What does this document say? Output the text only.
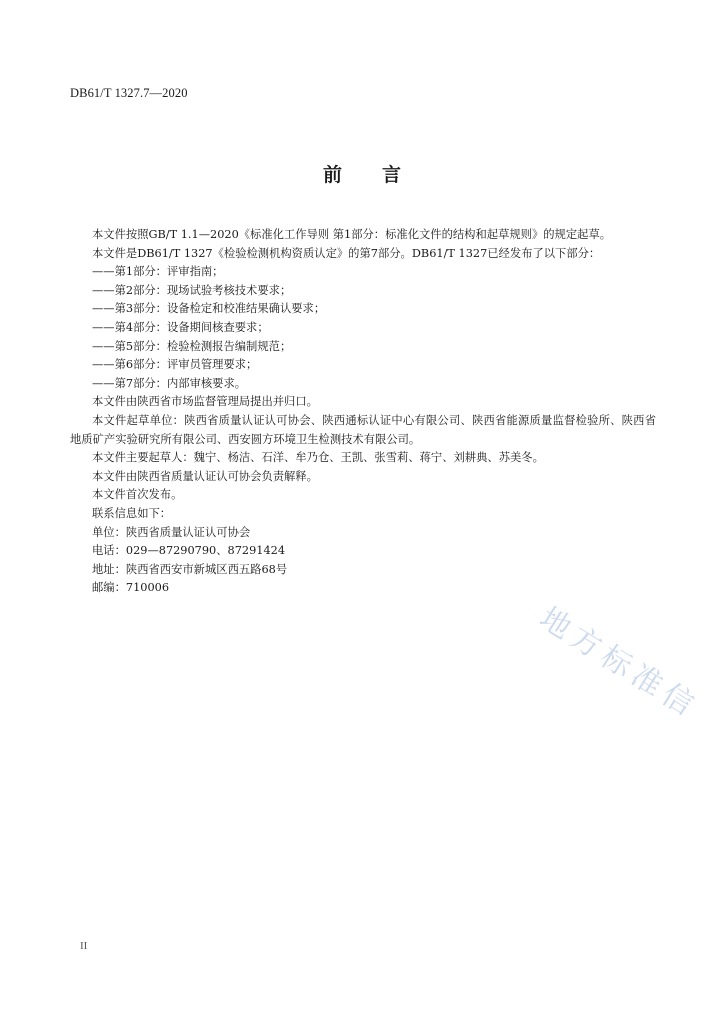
DB61/T 1327.7—2020
前 言

本文件按照GB/T 1.1—2020《标准化工作导则 第1部分：标准化文件的结构和起草规则》的规定起草。

本文件是DB61/T 1327《检验检测机构资质认定》的第7部分。DB61/T 1327已经发布了以下部分：

——第1部分：评审指南；

——第2部分：现场试验考核技术要求；

——第3部分：设备检定和校准结果确认要求；

——第4部分：设备期间核查要求；

——第5部分：检验检测报告编制规范；

——第6部分：评审员管理要求；

——第7部分：内部审核要求。

本文件由陕西省市场监督管理局提出并归口。

本文件起草单位：陕西省质量认证认可协会、陕西通标认证中心有限公司、陕西省能源质量监督检验所、陕西省地质矿产实验研究所有限公司、西安圆方环境卫生检测技术有限公司。

本文件主要起草人：魏宁、杨洁、石洋、牟乃仓、王凯、张雪莉、蒋宁、刘耕典、苏美冬。

本文件由陕西省质量认证认可协会负责解释。

本文件首次发布。

联系信息如下：

单位：陕西省质量认证认可协会

电话：029—87290790、87291424

地址：陕西省西安市新城区西五路68号

邮编：710006

地方标准信
II
